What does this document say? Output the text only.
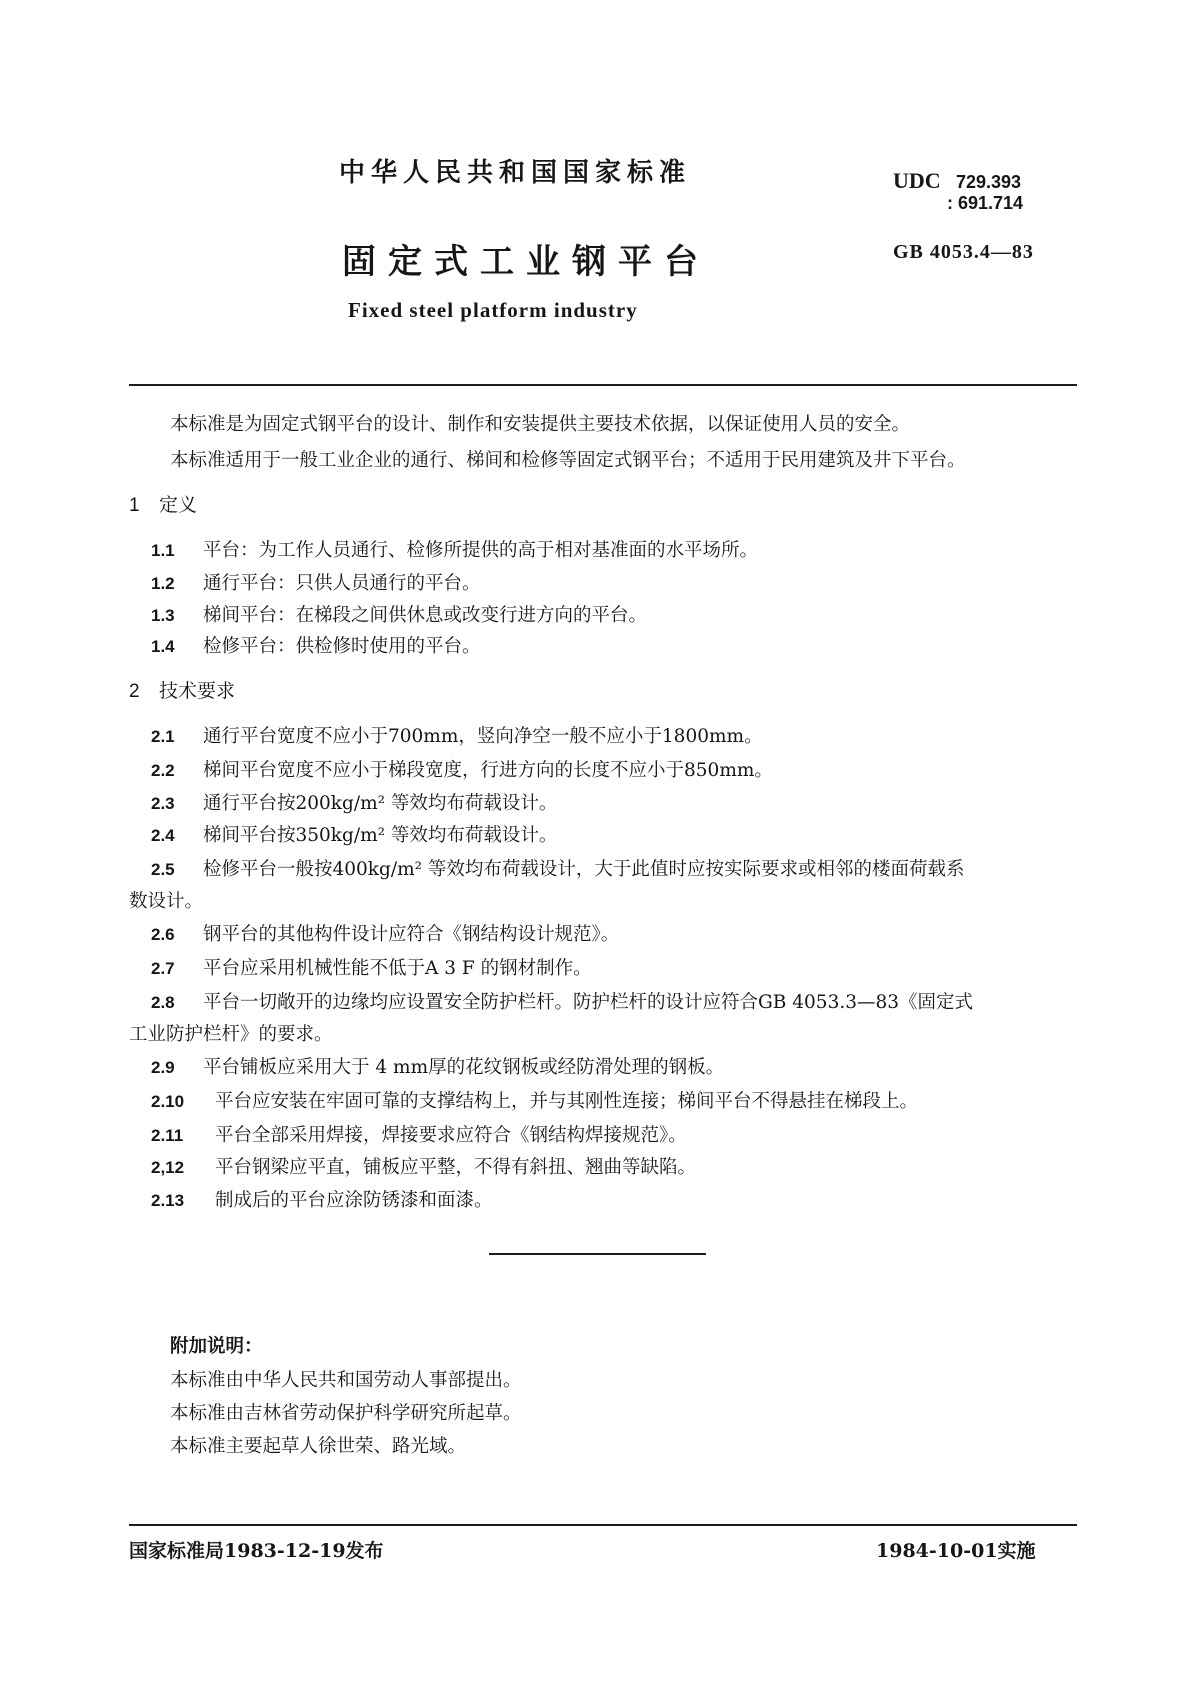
中华人民共和国国家标准	UDC 729.393
: 691.714
固定式工业钢平台	GB 4053.4—83
Fixed steel platform industry
本标准是为固定式钢平台的设计、制作和安装提供主要技术依据，以保证使用人员的安全。
本标准适用于一般工业企业的通行、梯间和检修等固定式钢平台；不适用于民用建筑及井下平台。
1 定义
1.1 平台：为工作人员通行、检修所提供的高于相对基准面的水平场所。
1.2 通行平台：只供人员通行的平台。
1.3 梯间平台：在梯段之间供休息或改变行进方向的平台。
1.4 检修平台：供检修时使用的平台。
2 技术要求
2.1 通行平台宽度不应小于700mm，竖向净空一般不应小于1800mm。
2.2 梯间平台宽度不应小于梯段宽度，行进方向的长度不应小于850mm。
2.3 通行平台按200kg/m² 等效均布荷载设计。
2.4 梯间平台按350kg/m² 等效均布荷载设计。
2.5 检修平台一般按400kg/m² 等效均布荷载设计，大于此值时应按实际要求或相邻的楼面荷载系
数设计。
2.6 钢平台的其他构件设计应符合《钢结构设计规范》。
2.7 平台应采用机械性能不低于A 3 F 的钢材制作。
2.8 平台一切敞开的边缘均应设置安全防护栏杆。防护栏杆的设计应符合GB 4053.3—83《固定式
工业防护栏杆》的要求。
2.9 平台铺板应采用大于 4 mm厚的花纹钢板或经防滑处理的钢板。
2.10 平台应安装在牢固可靠的支撑结构上，并与其刚性连接；梯间平台不得悬挂在梯段上。
2.11 平台全部采用焊接，焊接要求应符合《钢结构焊接规范》。
2,12 平台钢梁应平直，铺板应平整，不得有斜扭、翘曲等缺陷。
2.13 制成后的平台应涂防锈漆和面漆。
附加说明：
本标准由中华人民共和国劳动人事部提出。
本标准由吉林省劳动保护科学研究所起草。
本标准主要起草人徐世荣、路光域。
国家标准局1983-12-19发布	1984-10-01实施
